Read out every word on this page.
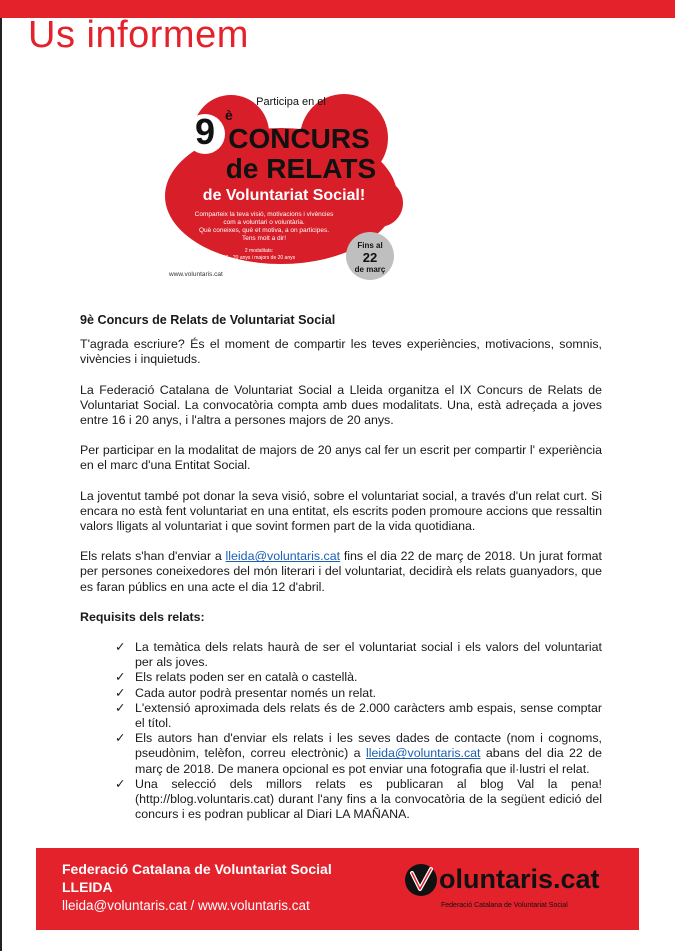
Us informem
9 è
Participa en el
CONCURS
de RELATS
de Voluntariat Social!
Comparteix la teva visió, motivacions i vivències
com a voluntari o voluntària.
Què coneixes, què et motiva, a on participes.
Tens molt a dir!
2 modalitats:
16 - 20 anys i majors de 20 anys
Fins al
22
de març
www.voluntaris.cat

9è Concurs de Relats de Voluntariat Social

T'agrada escriure? És el moment de compartir les teves experiències, motivacions, somnis, vivències i inquietuds.

La Federació Catalana de Voluntariat Social a Lleida organitza el IX Concurs de Relats de Voluntariat Social. La convocatòria compta amb dues modalitats. Una, està adreçada a joves entre 16 i 20 anys, i l'altra a persones majors de 20 anys.

Per participar en la modalitat de majors de 20 anys cal fer un escrit per compartir l' experiència en el marc d'una Entitat Social.

La joventut també pot donar la seva visió, sobre el voluntariat social, a través d'un relat curt. Si encara no està fent voluntariat en una entitat, els escrits poden promoure accions que ressaltin valors lligats al voluntariat i que sovint formen part de la vida quotidiana.

Els relats s'han d'enviar a lleida@voluntaris.cat fins el dia 22 de març de 2018. Un jurat format per persones coneixedores del món literari i del voluntariat, decidirà els relats guanyadors, que es faran públics en una acte el dia 12 d'abril.

Requisits dels relats:

✓ La temàtica dels relats haurà de ser el voluntariat social i els valors del voluntariat per als joves.
✓ Els relats poden ser en català o castellà.
✓ Cada autor podrà presentar només un relat.
✓ L'extensió aproximada dels relats és de 2.000 caràcters amb espais, sense comptar el títol.
✓ Els autors han d'enviar els relats i les seves dades de contacte (nom i cognoms, pseudònim, telèfon, correu electrònic) a lleida@voluntaris.cat abans del dia 22 de març de 2018. De manera opcional es pot enviar una fotografia que il·lustri el relat.
✓ Una selecció dels millors relats es publicaran al blog Val la pena! (http://blog.voluntaris.cat) durant l'any fins a la convocatòria de la següent edició del concurs i es podran publicar al Diari LA MAÑANA.
Federació Catalana de Voluntariat Social
LLEIDA
lleida@voluntaris.cat / www.voluntaris.cat
oluntaris.cat
Federació Catalana de Voluntariat Social
